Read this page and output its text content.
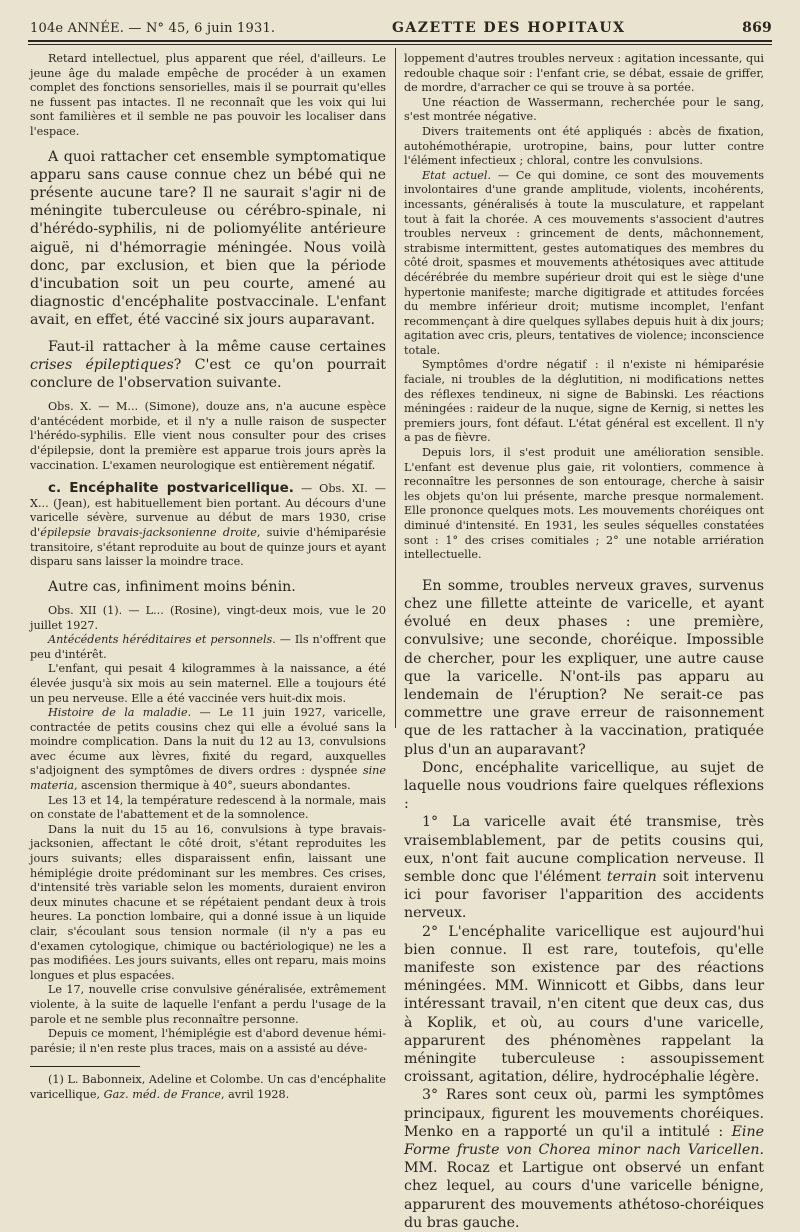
104e ANNÉE. — N° 45, 6 juin 1931.	GAZETTE DES HOPITAUX	869

Retard intellectuel, plus apparent que réel, d'ailleurs. Le jeune âge du malade empêche de procéder à un examen complet des fonctions sensorielles, mais il se pourrait qu'elles ne fussent pas intactes. Il ne reconnaît que les voix qui lui sont familières et il semble ne pas pouvoir les localiser dans l'espace.

A quoi rattacher cet ensemble symptomatique apparu sans cause connue chez un bébé qui ne présente aucune tare? Il ne saurait s'agir ni de méningite tuberculeuse ou cérébro-spinale, ni d'hérédo-syphilis, ni de poliomyélite antérieure aiguë, ni d'hémorragie méningée. Nous voilà donc, par exclusion, et bien que la période d'incubation soit un peu courte, amené au diagnostic d'encéphalite postvaccinale. L'enfant avait, en effet, été vacciné six jours auparavant.

Faut-il rattacher à la même cause certaines crises épileptiques? C'est ce qu'on pourrait conclure de l'observation suivante.

Obs. X. — M... (Simone), douze ans, n'a aucune espèce d'antécédent morbide, et il n'y a nulle raison de suspecter l'hérédo-syphilis. Elle vient nous consulter pour des crises d'épilepsie, dont la première est apparue trois jours après la vaccination. L'examen neurologique est entièrement négatif.

c. Encéphalite postvaricellique. — Obs. XI. — X... (Jean), est habituellement bien portant. Au décours d'une varicelle sévère, survenue au début de mars 1930, crise d'épilepsie bravais-jacksonienne droite, suivie d'hémiparésie transitoire, s'étant reproduite au bout de quinze jours et ayant disparu sans laisser la moindre trace.

Autre cas, infiniment moins bénin.

Obs. XII (1). — L... (Rosine), vingt-deux mois, vue le 20 juillet 1927.

Antécédents héréditaires et personnels. — Ils n'offrent que peu d'intérêt.

L'enfant, qui pesait 4 kilogrammes à la naissance, a été élevée jusqu'à six mois au sein maternel. Elle a toujours été un peu nerveuse. Elle a été vaccinée vers huit-dix mois.

Histoire de la maladie. — Le 11 juin 1927, varicelle, contractée de petits cousins chez qui elle a évolué sans la moindre complication. Dans la nuit du 12 au 13, convulsions avec écume aux lèvres, fixité du regard, auxquelles s'adjoignent des symptômes de divers ordres : dyspnée sine materia, ascension thermique à 40°, sueurs abondantes.

Les 13 et 14, la température redescend à la normale, mais on constate de l'abattement et de la somnolence.

Dans la nuit du 15 au 16, convulsions à type bravais-jacksonien, affectant le côté droit, s'étant reproduites les jours suivants; elles disparaissent enfin, laissant une hémiplégie droite prédominant sur les membres. Ces crises, d'intensité très variable selon les moments, duraient environ deux minutes chacune et se répétaient pendant deux à trois heures. La ponction lombaire, qui a donné issue à un liquide clair, s'écoulant sous tension normale (il n'y a pas eu d'examen cytologique, chimique ou bactériologique) ne les a pas modifiées. Les jours suivants, elles ont reparu, mais moins longues et plus espacées.

Le 17, nouvelle crise convulsive généralisée, extrêmement violente, à la suite de laquelle l'enfant a perdu l'usage de la parole et ne semble plus reconnaître personne.

Depuis ce moment, l'hémiplégie est d'abord devenue hémi-parésie; il n'en reste plus traces, mais on a assisté au déve-

(1) L. Babonneix, Adeline et Colombe. Un cas d'encéphalite varicellique, Gaz. méd. de France, avril 1928.

loppement d'autres troubles nerveux : agitation incessante, qui redouble chaque soir : l'enfant crie, se débat, essaie de griffer, de mordre, d'arracher ce qui se trouve à sa portée.

Une réaction de Wassermann, recherchée pour le sang, s'est montrée négative.

Divers traitements ont été appliqués : abcès de fixation, autohémothérapie, urotropine, bains, pour lutter contre l'élément infectieux ; chloral, contre les convulsions.

Etat actuel. — Ce qui domine, ce sont des mouvements involontaires d'une grande amplitude, violents, incohérents, incessants, généralisés à toute la musculature, et rappelant tout à fait la chorée. A ces mouvements s'associent d'autres troubles nerveux : grincement de dents, mâchonnement, strabisme intermittent, gestes automatiques des membres du côté droit, spasmes et mouvements athétosiques avec attitude décérébrée du membre supérieur droit qui est le siège d'une hypertonie manifeste; marche digitigrade et attitudes forcées du membre inférieur droit; mutisme incomplet, l'enfant recommençant à dire quelques syllabes depuis huit à dix jours; agitation avec cris, pleurs, tentatives de violence; inconscience totale.

Symptômes d'ordre négatif : il n'existe ni hémiparésie faciale, ni troubles de la déglutition, ni modifications nettes des réflexes tendineux, ni signe de Babinski. Les réactions méningées : raideur de la nuque, signe de Kernig, si nettes les premiers jours, font défaut. L'état général est excellent. Il n'y a pas de fièvre.

Depuis lors, il s'est produit une amélioration sensible. L'enfant est devenue plus gaie, rit volontiers, commence à reconnaître les personnes de son entourage, cherche à saisir les objets qu'on lui présente, marche presque normalement. Elle prononce quelques mots. Les mouvements choréiques ont diminué d'intensité. En 1931, les seules séquelles constatées sont : 1° des crises comitiales ; 2° une notable arriération intellectuelle.

En somme, troubles nerveux graves, survenus chez une fillette atteinte de varicelle, et ayant évolué en deux phases : une première, convulsive; une seconde, choréique. Impossible de chercher, pour les expliquer, une autre cause que la varicelle. N'ont-ils pas apparu au lendemain de l'éruption? Ne serait-ce pas commettre une grave erreur de raisonnement que de les rattacher à la vaccination, pratiquée plus d'un an auparavant?

Donc, encéphalite varicellique, au sujet de laquelle nous voudrions faire quelques réflexions :

1° La varicelle avait été transmise, très vraisemblablement, par de petits cousins qui, eux, n'ont fait aucune complication nerveuse. Il semble donc que l'élément terrain soit intervenu ici pour favoriser l'apparition des accidents nerveux.

2° L'encéphalite varicellique est aujourd'hui bien connue. Il est rare, toutefois, qu'elle manifeste son existence par des réactions méningées. MM. Winnicott et Gibbs, dans leur intéressant travail, n'en citent que deux cas, dus à Koplik, et où, au cours d'une varicelle, apparurent des phénomènes rappelant la méningite tuberculeuse : assoupissement croissant, agitation, délire, hydrocéphalie légère.

3° Rares sont ceux où, parmi les symptômes principaux, figurent les mouvements choréiques. Menko en a rapporté un qu'il a intitulé : Eine Forme fruste von Chorea minor nach Varicellen. MM. Rocaz et Lartigue ont observé un enfant chez lequel, au cours d'une varicelle bénigne, apparurent des mouvements athétoso-choréiques du bras gauche.
